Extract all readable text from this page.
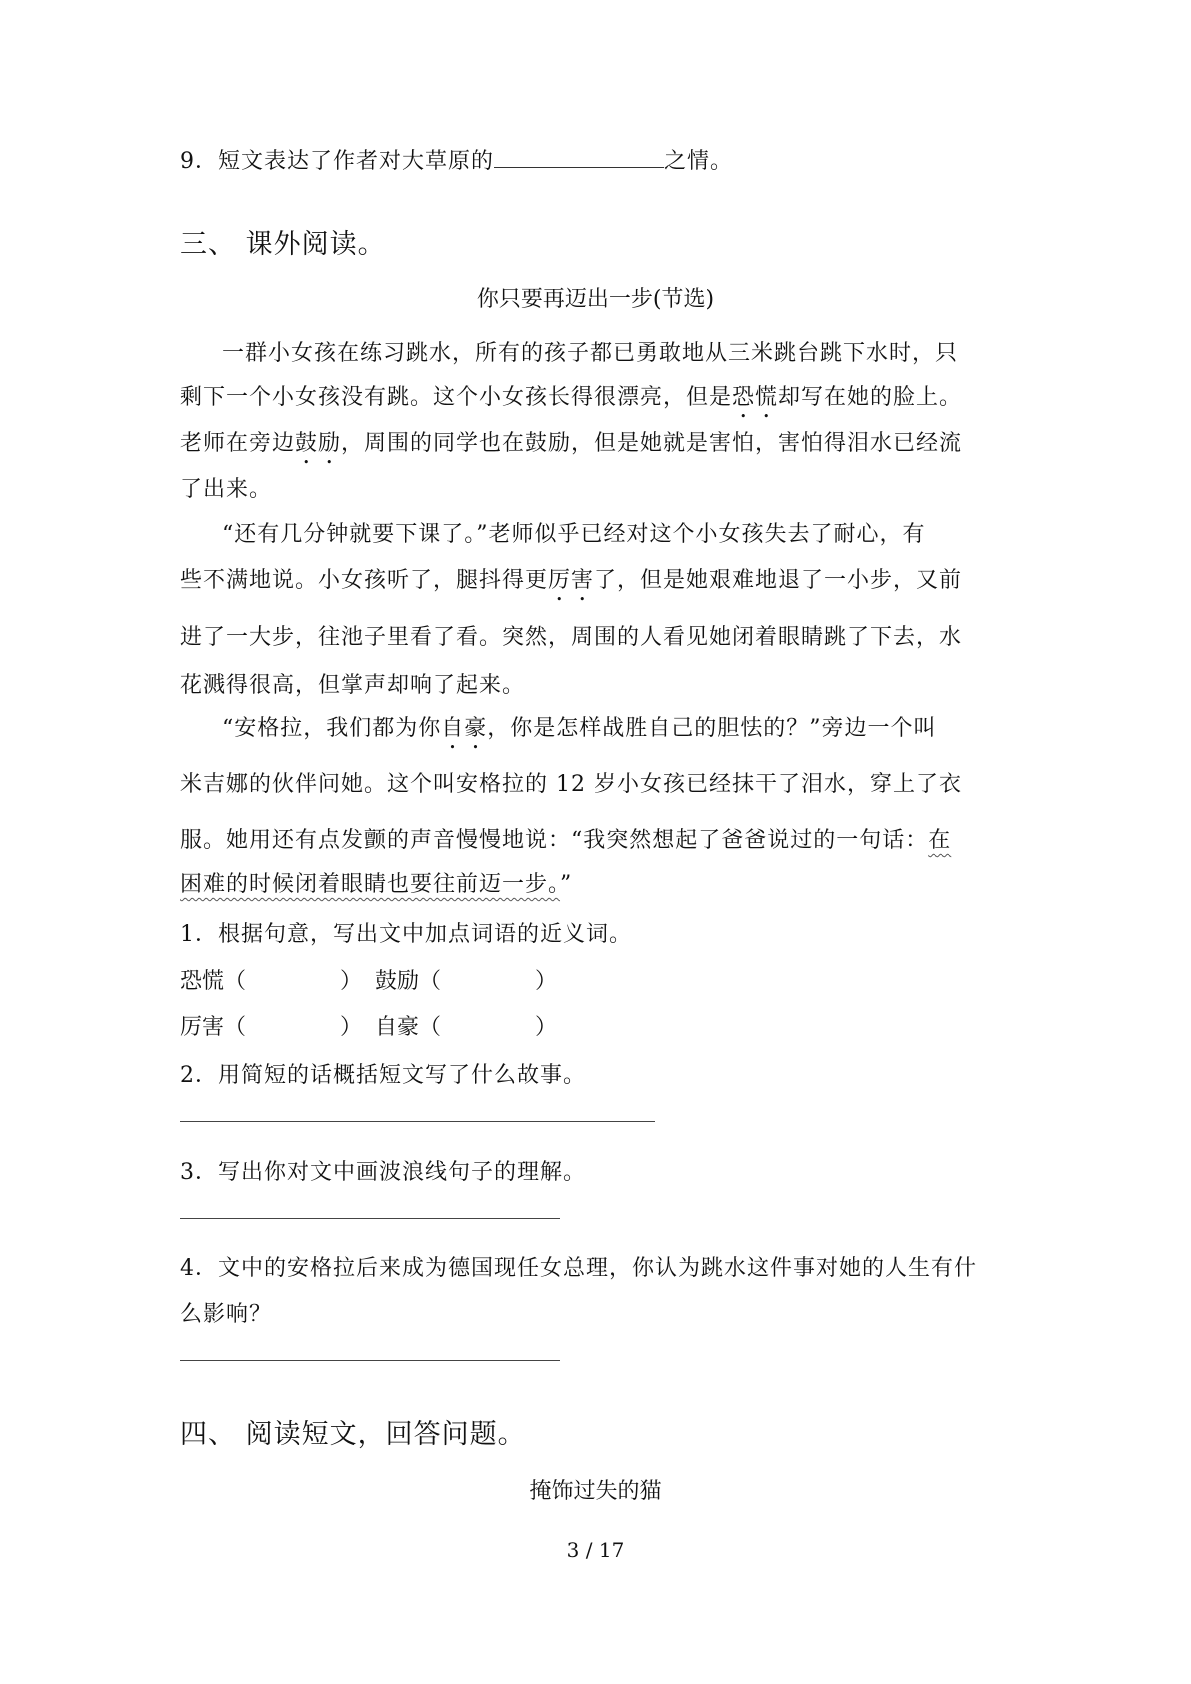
9．短文表达了作者对大草原的	之情。
三、 课外阅读。
你只要再迈出一步(节选)
一群小女孩在练习跳水，所有的孩子都已勇敢地从三米跳台跳下水时，只
剩下一个小女孩没有跳。这个小女孩长得很漂亮，但是恐慌却写在她的脸上。
老师在旁边鼓励，周围的同学也在鼓励，但是她就是害怕，害怕得泪水已经流
了出来。
“还有几分钟就要下课了。”老师似乎已经对这个小女孩失去了耐心，有
些不满地说。小女孩听了，腿抖得更厉害了，但是她艰难地退了一小步，又前
进了一大步，往池子里看了看。突然，周围的人看见她闭着眼睛跳了下去，水
花溅得很高，但掌声却响了起来。
“安格拉，我们都为你自豪，你是怎样战胜自己的胆怯的？”旁边一个叫
米吉娜的伙伴问她。这个叫安格拉的 12 岁小女孩已经抹干了泪水，穿上了衣
服。她用还有点发颤的声音慢慢地说：“我突然想起了爸爸说过的一句话：在
困难的时候闭着眼睛也要往前迈一步。”
1．根据句意，写出文中加点词语的近义词。
恐慌（	） 鼓励（	）
厉害（	） 自豪（	）
2．用简短的话概括短文写了什么故事。
3．写出你对文中画波浪线句子的理解。
4．文中的安格拉后来成为德国现任女总理，你认为跳水这件事对她的人生有什
么影响？
四、 阅读短文，回答问题。
掩饰过失的猫
3 / 17
